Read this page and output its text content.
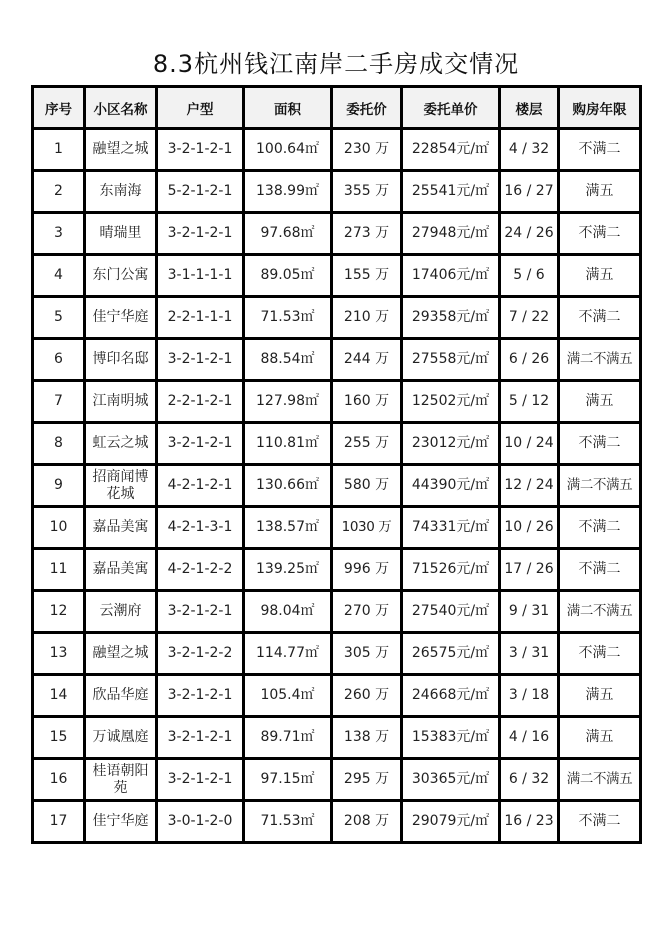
8.3杭州钱江南岸二手房成交情况
序号	小区名称	户型	面积	委托价	委托单价	楼层	购房年限
1	融望之城	3-2-1-2-1	100.64㎡	230 万	22854元/㎡	4 / 32	不满二
2	东南海	5-2-1-2-1	138.99㎡	355 万	25541元/㎡	16 / 27	满五
3	晴瑞里	3-2-1-2-1	97.68㎡	273 万	27948元/㎡	24 / 26	不满二
4	东门公寓	3-1-1-1-1	89.05㎡	155 万	17406元/㎡	5 / 6	满五
5	佳宁华庭	2-2-1-1-1	71.53㎡	210 万	29358元/㎡	7 / 22	不满二
6	博印名邸	3-2-1-2-1	88.54㎡	244 万	27558元/㎡	6 / 26	满二不满五
7	江南明城	2-2-1-2-1	127.98㎡	160 万	12502元/㎡	5 / 12	满五
8	虹云之城	3-2-1-2-1	110.81㎡	255 万	23012元/㎡	10 / 24	不满二
9	招商闻博花城	4-2-1-2-1	130.66㎡	580 万	44390元/㎡	12 / 24	满二不满五
10	嘉品美寓	4-2-1-3-1	138.57㎡	1030 万	74331元/㎡	10 / 26	不满二
11	嘉品美寓	4-2-1-2-2	139.25㎡	996 万	71526元/㎡	17 / 26	不满二
12	云潮府	3-2-1-2-1	98.04㎡	270 万	27540元/㎡	9 / 31	满二不满五
13	融望之城	3-2-1-2-2	114.77㎡	305 万	26575元/㎡	3 / 31	不满二
14	欣品华庭	3-2-1-2-1	105.4㎡	260 万	24668元/㎡	3 / 18	满五
15	万诚凰庭	3-2-1-2-1	89.71㎡	138 万	15383元/㎡	4 / 16	满五
16	桂语朝阳苑	3-2-1-2-1	97.15㎡	295 万	30365元/㎡	6 / 32	满二不满五
17	佳宁华庭	3-0-1-2-0	71.53㎡	208 万	29079元/㎡	16 / 23	不满二
